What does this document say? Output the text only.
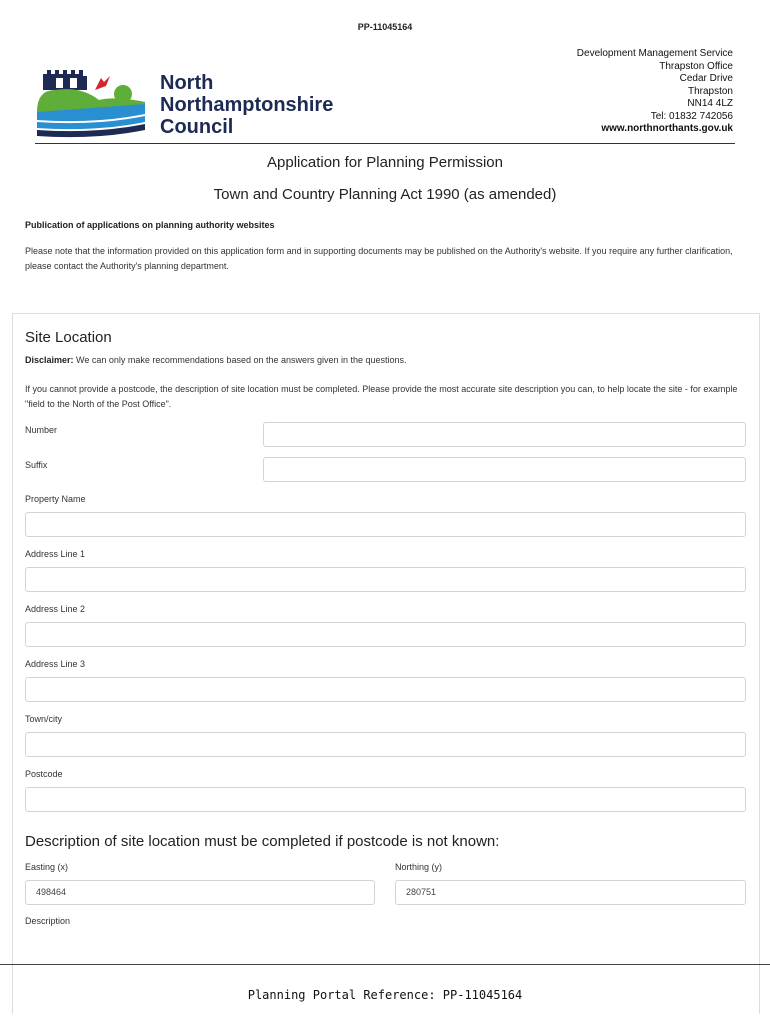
PP-11045164
North
Northamptonshire
Council
Development Management Service
Thrapston Office
Cedar Drive
Thrapston
NN14 4LZ
Tel: 01832 742056
www.northnorthants.gov.uk
Application for Planning Permission
Town and Country Planning Act 1990 (as amended)
Publication of applications on planning authority websites
Please note that the information provided on this application form and in supporting documents may be published on the Authority's website. If you require any further clarification, please contact the Authority's planning department.
Site Location
Disclaimer: We can only make recommendations based on the answers given in the questions.
If you cannot provide a postcode, the description of site location must be completed. Please provide the most accurate site description you can, to help locate the site - for example "field to the North of the Post Office".
Number
Suffix
Property Name
Address Line 1
Address Line 2
Address Line 3
Town/city
Postcode
Description of site location must be completed if postcode is not known:
Easting (x)
498464
Northing (y)
280751
Description
Planning Portal Reference: PP-11045164
